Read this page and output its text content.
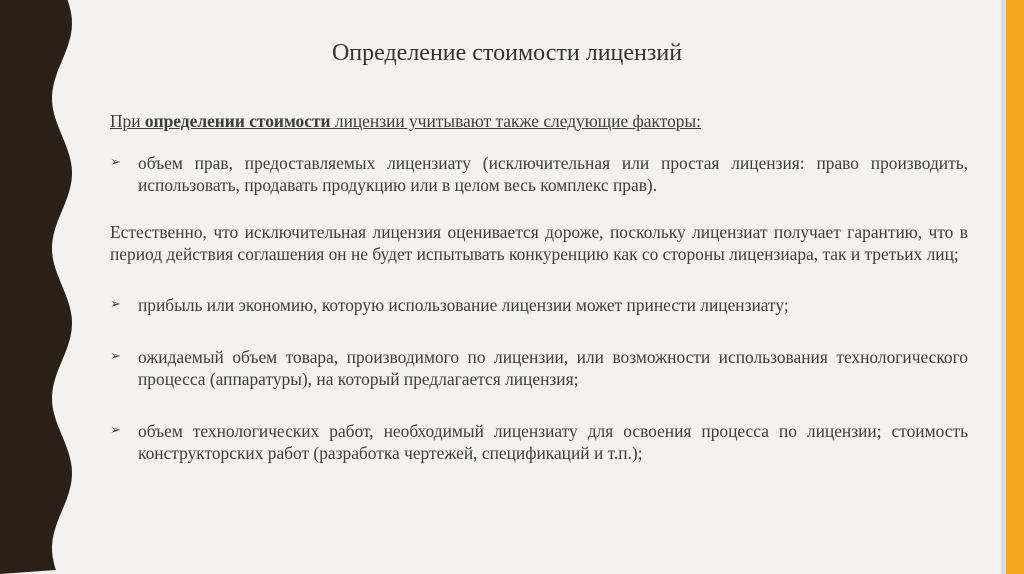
Определение стоимости лицензий

При определении стоимости лицензии учитывают также следующие факторы:

➢ объем прав, предоставляемых лицензиату (исключительная или простая лицензия: право производить, использовать, продавать продукцию или в целом весь комплекс прав).

Естественно, что исключительная лицензия оценивается дороже, поскольку лицензиат получает гарантию, что в период действия соглашения он не будет испытывать конкуренцию как со стороны лицензиара, так и третьих лиц;

➢ прибыль или экономию, которую использование лицензии может принести лицензиату;

➢ ожидаемый объем товара, производимого по лицензии, или возможности использования технологического процесса (аппаратуры), на который предлагается лицензия;

➢ объем технологических работ, необходимый лицензиату для освоения процесса по лицензии; стоимость конструкторских работ (разработка чертежей, спецификаций и т.п.);
